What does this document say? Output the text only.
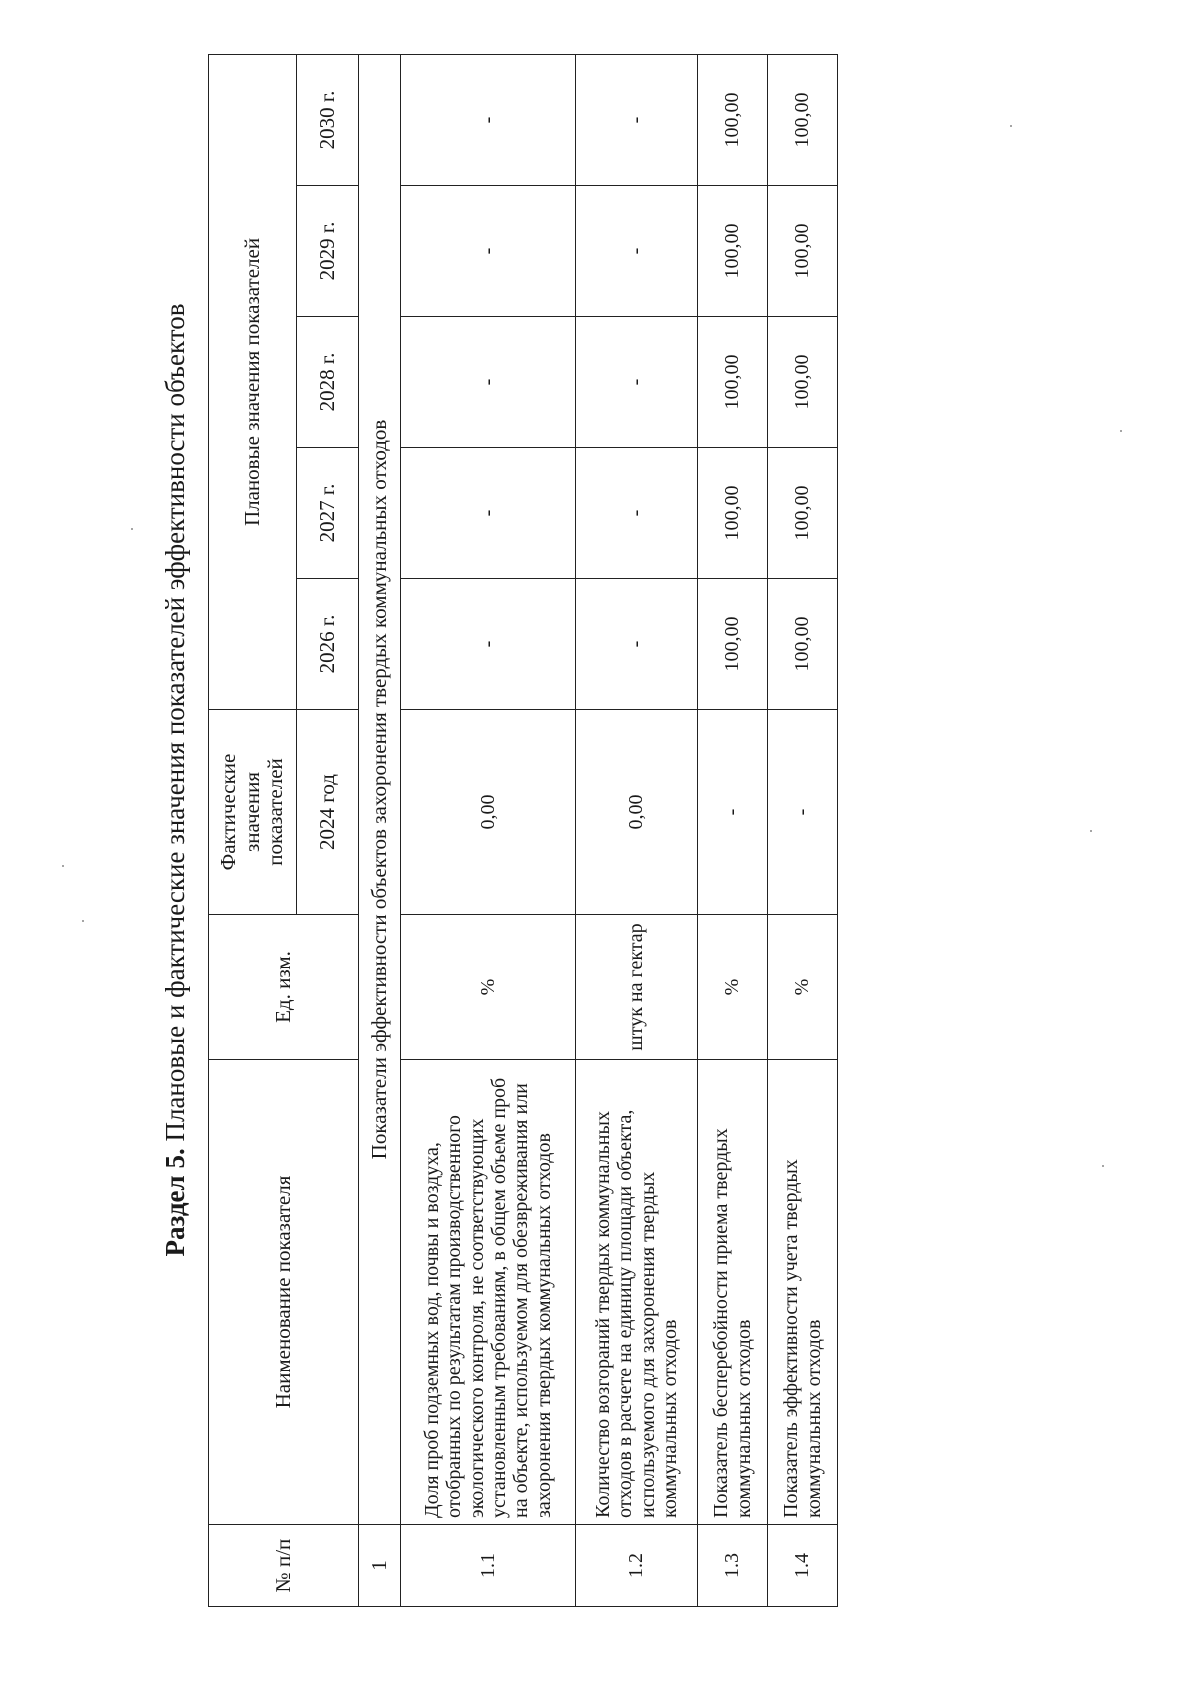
Раздел 5. Плановые и фактические значения показателей эффективности объектов
№ п/п	Наименование показателя	Ед. изм.	Фактические значения показателей	Плановые значения показателей				
			2024 год	2026 г.	2027 г.	2028 г.	2029 г.	2030 г.
1	Показатели эффективности объектов захоронения твердых коммунальных отходов							
1.1	Доля проб подземных вод, почвы и воздуха, отобранных по результатам производственного экологического контроля, не соответствующих установленным требованиям, в общем объеме проб на объекте, используемом для обезвреживания или захоронения твердых коммунальных отходов	%	0,00	-	-	-	-	-
1.2	Количество возгораний твердых коммунальных отходов в расчете на единицу площади объекта, используемого для захоронения твердых коммунальных отходов	штук на гектар	0,00	-	-	-	-	-
1.3	Показатель бесперебойности приема твердых коммунальных отходов	%	-	100,00	100,00	100,00	100,00	100,00
1.4	Показатель эффективности учета твердых коммунальных отходов	%	-	100,00	100,00	100,00	100,00	100,00
